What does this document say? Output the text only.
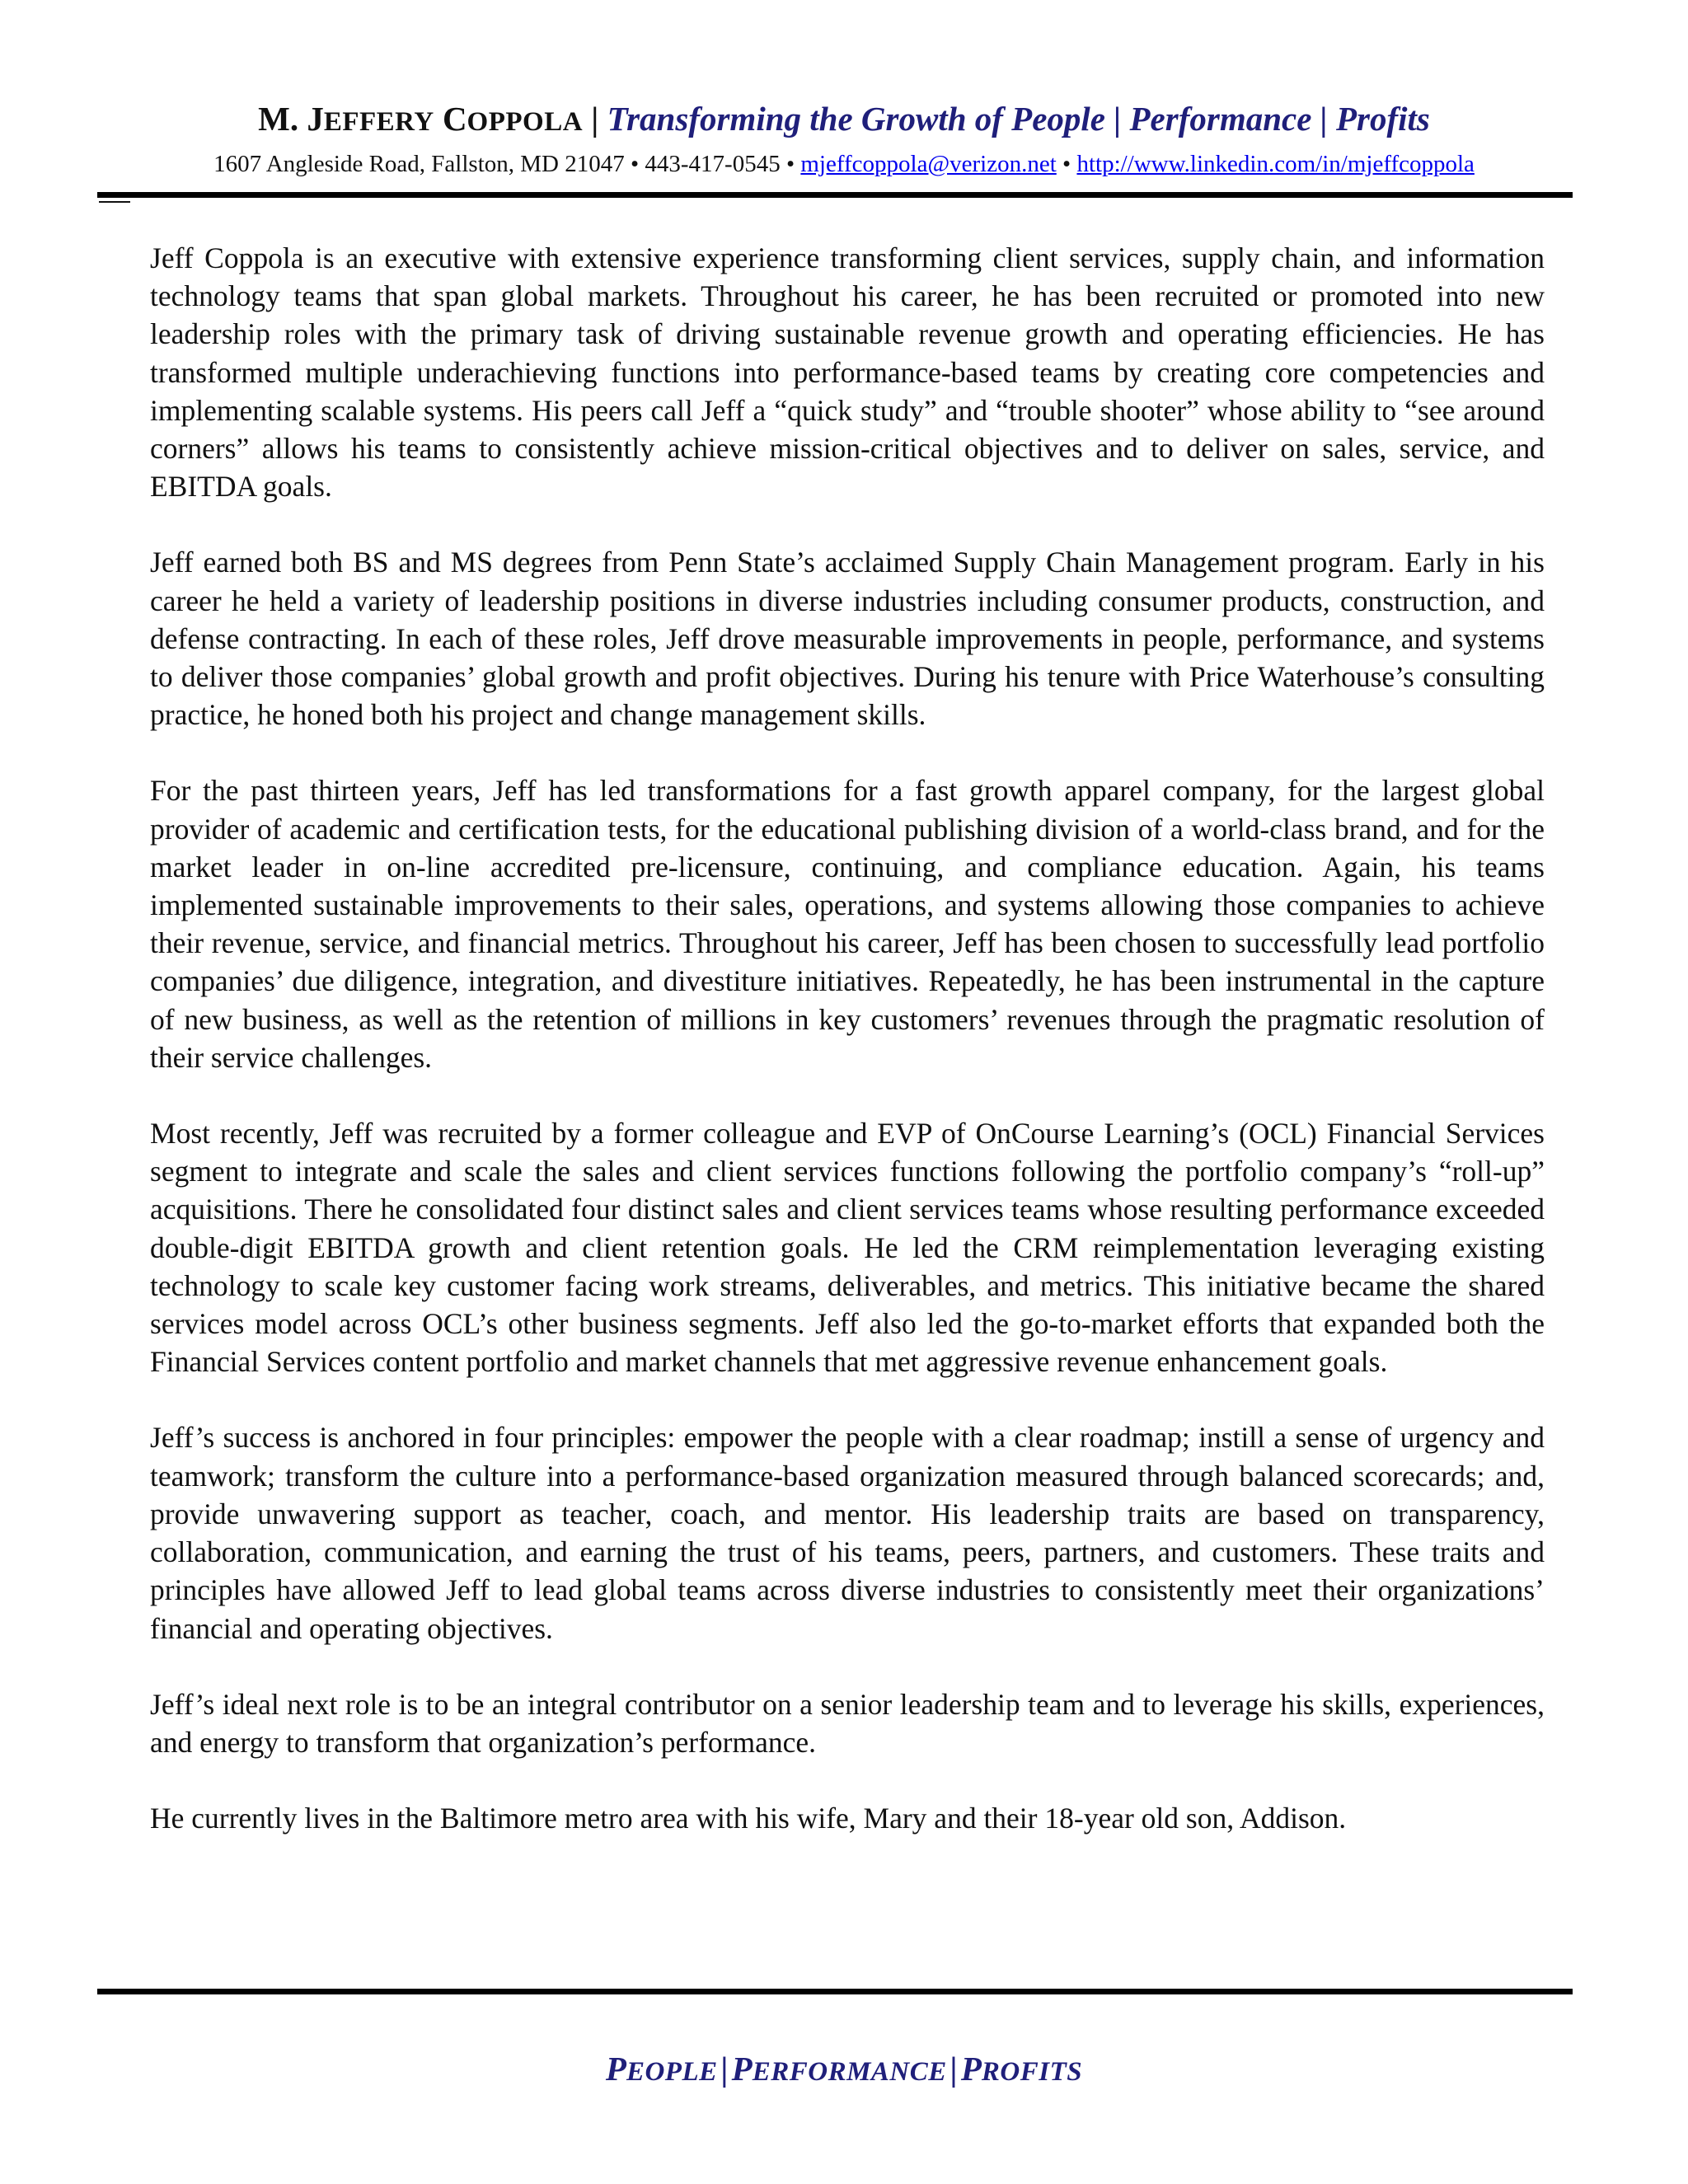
M. JEFFERY COPPOLA | Transforming the Growth of People | Performance | Profits
1607 Angleside Road, Fallston, MD 21047 • 443-417-0545 • mjeffcoppola@verizon.net • http://www.linkedin.com/in/mjeffcoppola

Jeff Coppola is an executive with extensive experience transforming client services, supply chain, and information technology teams that span global markets. Throughout his career, he has been recruited or promoted into new leadership roles with the primary task of driving sustainable revenue growth and operating efficiencies. He has transformed multiple underachieving functions into performance-based teams by creating core competencies and implementing scalable systems. His peers call Jeff a “quick study” and “trouble shooter” whose ability to “see around corners” allows his teams to consistently achieve mission-critical objectives and to deliver on sales, service, and EBITDA goals.

Jeff earned both BS and MS degrees from Penn State’s acclaimed Supply Chain Management program. Early in his career he held a variety of leadership positions in diverse industries including consumer products, construction, and defense contracting. In each of these roles, Jeff drove measurable improvements in people, performance, and systems to deliver those companies’ global growth and profit objectives. During his tenure with Price Waterhouse’s consulting practice, he honed both his project and change management skills.

For the past thirteen years, Jeff has led transformations for a fast growth apparel company, for the largest global provider of academic and certification tests, for the educational publishing division of a world-class brand, and for the market leader in on-line accredited pre-licensure, continuing, and compliance education. Again, his teams implemented sustainable improvements to their sales, operations, and systems allowing those companies to achieve their revenue, service, and financial metrics. Throughout his career, Jeff has been chosen to successfully lead portfolio companies’ due diligence, integration, and divestiture initiatives. Repeatedly, he has been instrumental in the capture of new business, as well as the retention of millions in key customers’ revenues through the pragmatic resolution of their service challenges.

Most recently, Jeff was recruited by a former colleague and EVP of OnCourse Learning’s (OCL) Financial Services segment to integrate and scale the sales and client services functions following the portfolio company’s “roll-up” acquisitions. There he consolidated four distinct sales and client services teams whose resulting performance exceeded double-digit EBITDA growth and client retention goals. He led the CRM reimplementation leveraging existing technology to scale key customer facing work streams, deliverables, and metrics. This initiative became the shared services model across OCL’s other business segments. Jeff also led the go-to-market efforts that expanded both the Financial Services content portfolio and market channels that met aggressive revenue enhancement goals.

Jeff’s success is anchored in four principles: empower the people with a clear roadmap; instill a sense of urgency and teamwork; transform the culture into a performance-based organization measured through balanced scorecards; and, provide unwavering support as teacher, coach, and mentor. His leadership traits are based on transparency, collaboration, communication, and earning the trust of his teams, peers, partners, and customers. These traits and principles have allowed Jeff to lead global teams across diverse industries to consistently meet their organizations’ financial and operating objectives.

Jeff’s ideal next role is to be an integral contributor on a senior leadership team and to leverage his skills, experiences, and energy to transform that organization’s performance.

He currently lives in the Baltimore metro area with his wife, Mary and their 18-year old son, Addison.

PEOPLE | PERFORMANCE | PROFITS
